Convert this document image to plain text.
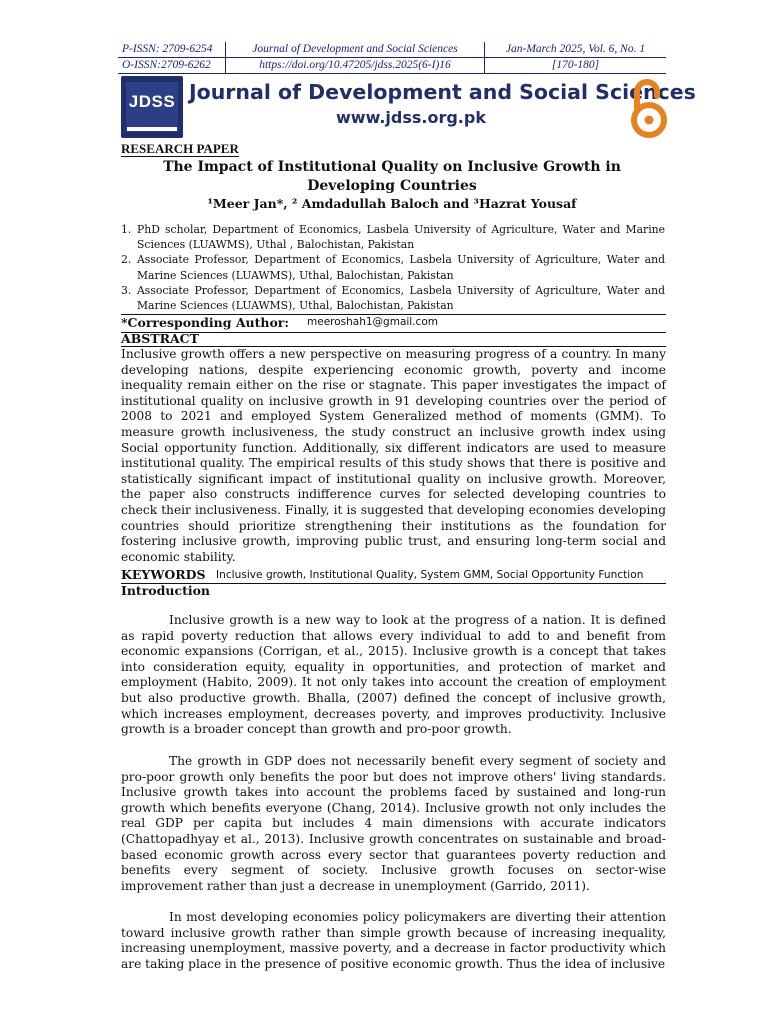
P-ISSN: 2709-6254	Journal of Development and Social Sciences	Jan-March 2025, Vol. 6, No. 1
O-ISSN:2709-6262	https://doi.org/10.47205/jdss.2025(6-I)16	[170-180]
JDSS Journal of Development and Social Sciences
www.jdss.org.pk
RESEARCH PAPER
The Impact of Institutional Quality on Inclusive Growth in Developing Countries
¹Meer Jan*, ² Amdadullah Baloch and ³Hazrat Yousaf
1. PhD scholar, Department of Economics, Lasbela University of Agriculture, Water and Marine Sciences (LUAWMS), Uthal , Balochistan, Pakistan
2. Associate Professor, Department of Economics, Lasbela University of Agriculture, Water and Marine Sciences (LUAWMS), Uthal, Balochistan, Pakistan
3. Associate Professor, Department of Economics, Lasbela University of Agriculture, Water and Marine Sciences (LUAWMS), Uthal, Balochistan, Pakistan
*Corresponding Author: meeroshah1@gmail.com
ABSTRACT
Inclusive growth offers a new perspective on measuring progress of a country. In many developing nations, despite experiencing economic growth, poverty and income inequality remain either on the rise or stagnate. This paper investigates the impact of institutional quality on inclusive growth in 91 developing countries over the period of 2008 to 2021 and employed System Generalized method of moments (GMM). To measure growth inclusiveness, the study construct an inclusive growth index using Social opportunity function. Additionally, six different indicators are used to measure institutional quality. The empirical results of this study shows that there is positive and statistically significant impact of institutional quality on inclusive growth. Moreover, the paper also constructs indifference curves for selected developing countries to check their inclusiveness. Finally, it is suggested that developing economies developing countries should prioritize strengthening their institutions as the foundation for fostering inclusive growth, improving public trust, and ensuring long-term social and economic stability.
KEYWORDS Inclusive growth, Institutional Quality, System GMM, Social Opportunity Function
Introduction

Inclusive growth is a new way to look at the progress of a nation. It is defined as rapid poverty reduction that allows every individual to add to and benefit from economic expansions (Corrigan, et al., 2015). Inclusive growth is a concept that takes into consideration equity, equality in opportunities, and protection of market and employment (Habito, 2009). It not only takes into account the creation of employment but also productive growth. Bhalla, (2007) defined the concept of inclusive growth, which increases employment, decreases poverty, and improves productivity. Inclusive growth is a broader concept than growth and pro-poor growth.

The growth in GDP does not necessarily benefit every segment of society and pro-poor growth only benefits the poor but does not improve others' living standards. Inclusive growth takes into account the problems faced by sustained and long-run growth which benefits everyone (Chang, 2014). Inclusive growth not only includes the real GDP per capita but includes 4 main dimensions with accurate indicators (Chattopadhyay et al., 2013). Inclusive growth concentrates on sustainable and broad-based economic growth across every sector that guarantees poverty reduction and benefits every segment of society. Inclusive growth focuses on sector-wise improvement rather than just a decrease in unemployment (Garrido, 2011).

In most developing economies policy policymakers are diverting their attention toward inclusive growth rather than simple growth because of increasing inequality, increasing unemployment, massive poverty, and a decrease in factor productivity which are taking place in the presence of positive economic growth. Thus the idea of inclusive
